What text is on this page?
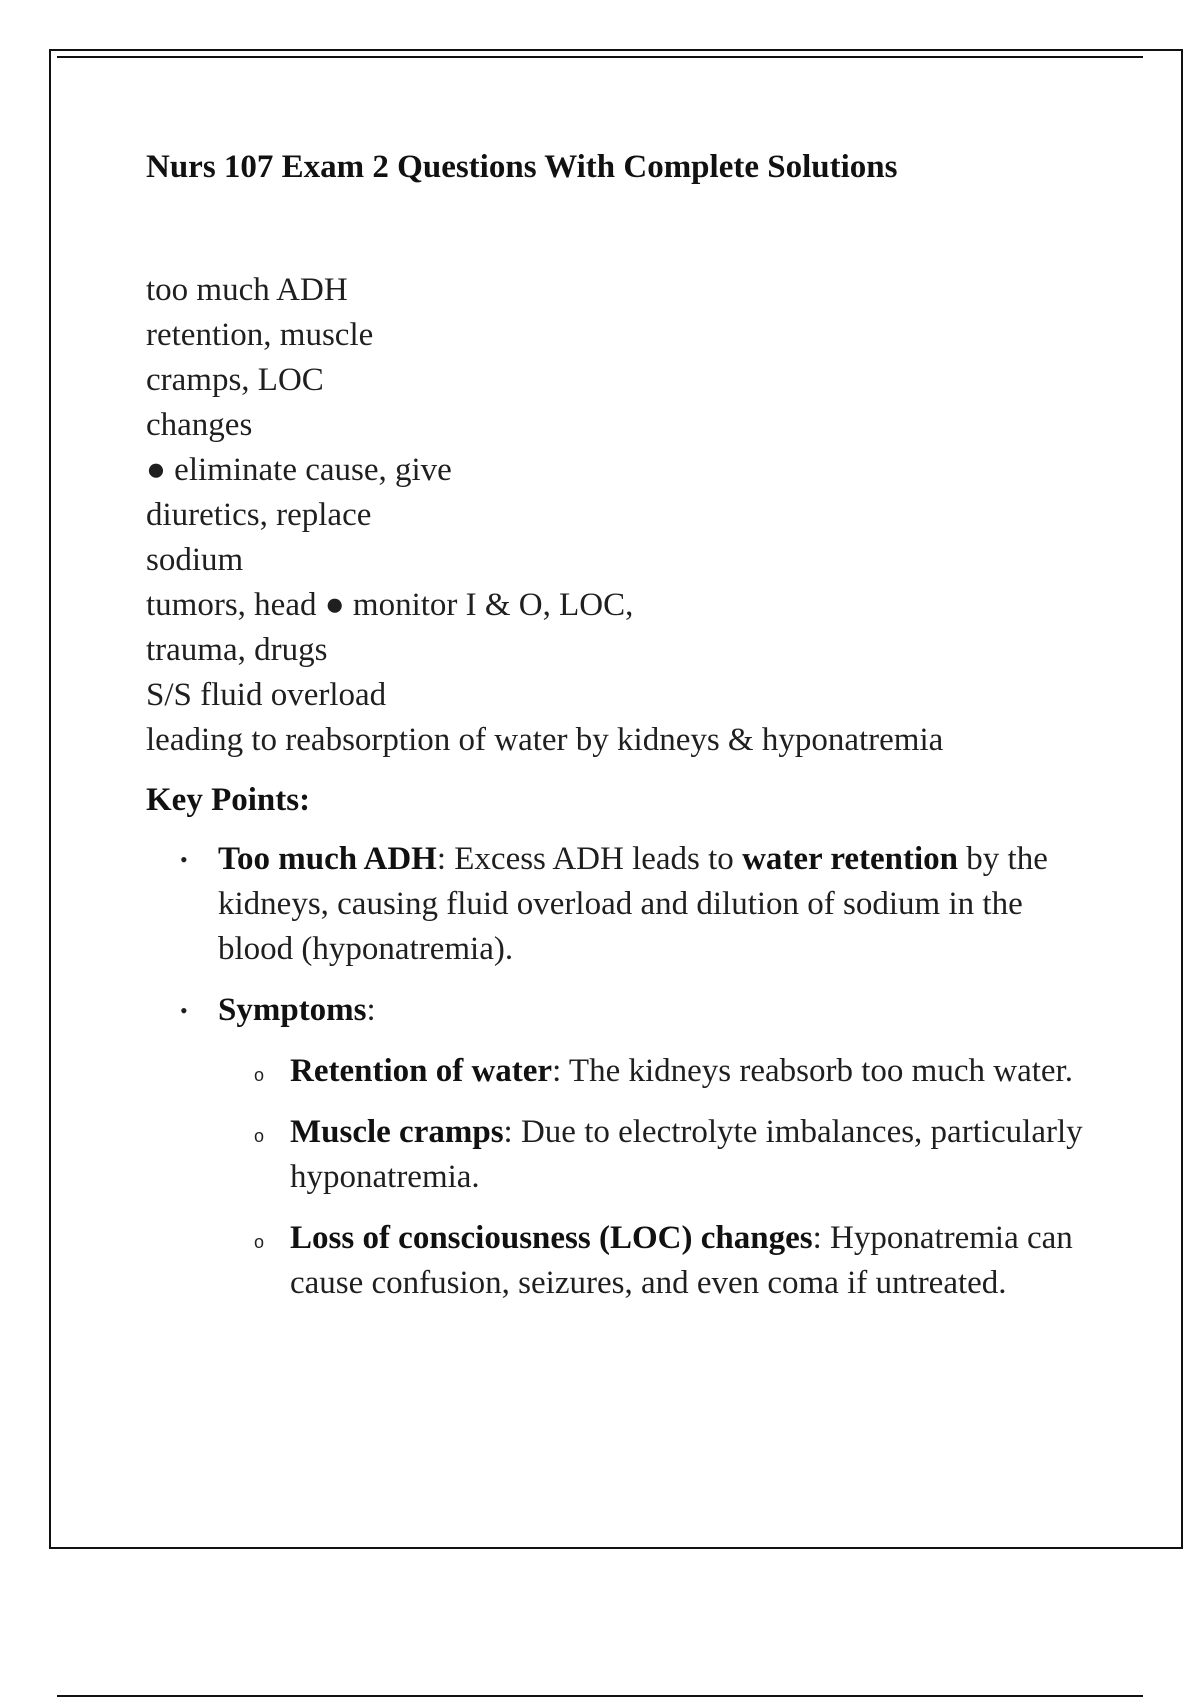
Nurs 107 Exam 2 Questions With Complete Solutions
too much ADH
retention, muscle
cramps, LOC
changes
● eliminate cause, give
diuretics, replace
sodium
tumors, head ● monitor I & O, LOC,
trauma, drugs
S/S fluid overload
leading to reabsorption of water by kidneys & hyponatremia
Key Points:
• Too much ADH: Excess ADH leads to water retention by the kidneys, causing fluid overload and dilution of sodium in the blood (hyponatremia).
• Symptoms:
o Retention of water: The kidneys reabsorb too much water.
o Muscle cramps: Due to electrolyte imbalances, particularly hyponatremia.
o Loss of consciousness (LOC) changes: Hyponatremia can cause confusion, seizures, and even coma if untreated.
